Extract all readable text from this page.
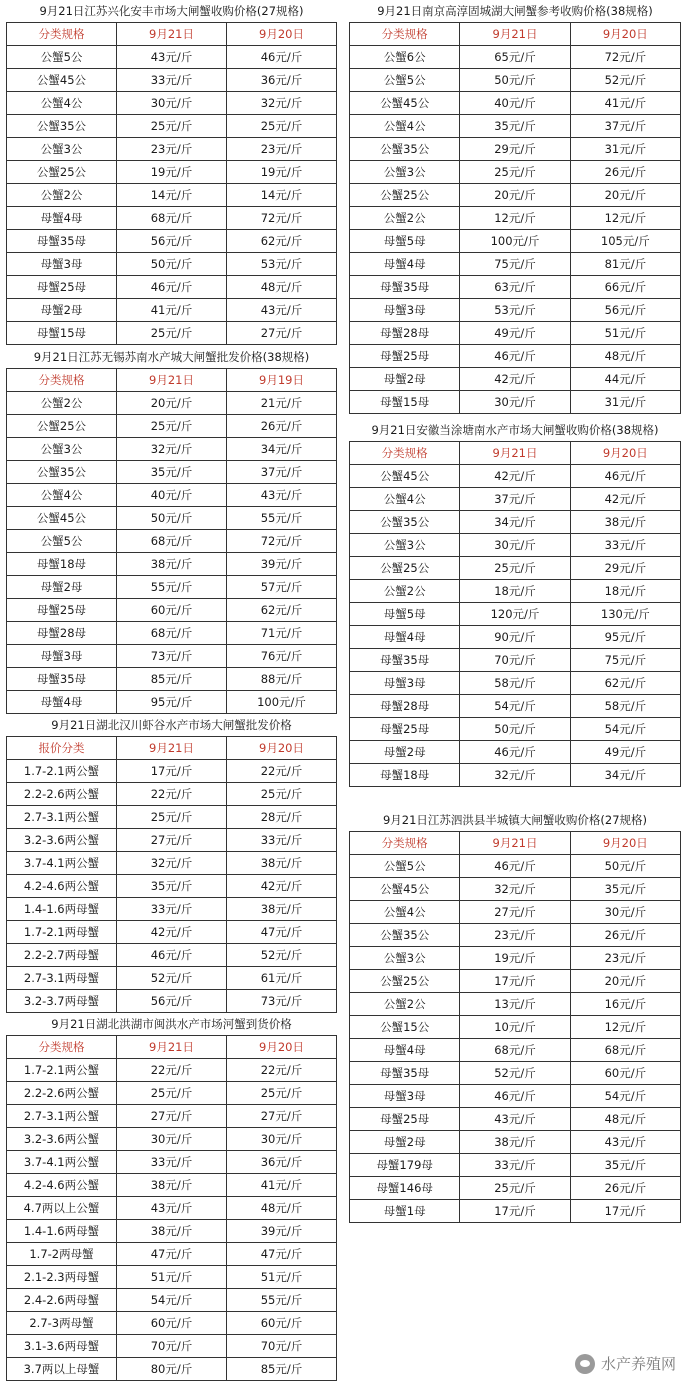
9月21日江苏兴化安丰市场大闸蟹收购价格(27规格)
分类规格	9月21日	9月20日
公蟹5公	43元/斤	46元/斤
公蟹45公	33元/斤	36元/斤
公蟹4公	30元/斤	32元/斤
公蟹35公	25元/斤	25元/斤
公蟹3公	23元/斤	23元/斤
公蟹25公	19元/斤	19元/斤
公蟹2公	14元/斤	14元/斤
母蟹4母	68元/斤	72元/斤
母蟹35母	56元/斤	62元/斤
母蟹3母	50元/斤	53元/斤
母蟹25母	46元/斤	48元/斤
母蟹2母	41元/斤	43元/斤
母蟹15母	25元/斤	27元/斤
9月21日江苏无锡苏南水产城大闸蟹批发价格(38规格)
分类规格	9月21日	9月19日
公蟹2公	20元/斤	21元/斤
公蟹25公	25元/斤	26元/斤
公蟹3公	32元/斤	34元/斤
公蟹35公	35元/斤	37元/斤
公蟹4公	40元/斤	43元/斤
公蟹45公	50元/斤	55元/斤
公蟹5公	68元/斤	72元/斤
母蟹18母	38元/斤	39元/斤
母蟹2母	55元/斤	57元/斤
母蟹25母	60元/斤	62元/斤
母蟹28母	68元/斤	71元/斤
母蟹3母	73元/斤	76元/斤
母蟹35母	85元/斤	88元/斤
母蟹4母	95元/斤	100元/斤
9月21日湖北汉川虾谷水产市场大闸蟹批发价格
报价分类	9月21日	9月20日
1.7-2.1两公蟹	17元/斤	22元/斤
2.2-2.6两公蟹	22元/斤	25元/斤
2.7-3.1两公蟹	25元/斤	28元/斤
3.2-3.6两公蟹	27元/斤	33元/斤
3.7-4.1两公蟹	32元/斤	38元/斤
4.2-4.6两公蟹	35元/斤	42元/斤
1.4-1.6两母蟹	33元/斤	38元/斤
1.7-2.1两母蟹	42元/斤	47元/斤
2.2-2.7两母蟹	46元/斤	52元/斤
2.7-3.1两母蟹	52元/斤	61元/斤
3.2-3.7两母蟹	56元/斤	73元/斤
9月21日湖北洪湖市闽洪水产市场河蟹到货价格
分类规格	9月21日	9月20日
1.7-2.1两公蟹	22元/斤	22元/斤
2.2-2.6两公蟹	25元/斤	25元/斤
2.7-3.1两公蟹	27元/斤	27元/斤
3.2-3.6两公蟹	30元/斤	30元/斤
3.7-4.1两公蟹	33元/斤	36元/斤
4.2-4.6两公蟹	38元/斤	41元/斤
4.7两以上公蟹	43元/斤	48元/斤
1.4-1.6两母蟹	38元/斤	39元/斤
1.7-2两母蟹	47元/斤	47元/斤
2.1-2.3两母蟹	51元/斤	51元/斤
2.4-2.6两母蟹	54元/斤	55元/斤
2.7-3两母蟹	60元/斤	60元/斤
3.1-3.6两母蟹	70元/斤	70元/斤
3.7两以上母蟹	80元/斤	85元/斤
9月21日南京高淳固城湖大闸蟹参考收购价格(38规格)
分类规格	9月21日	9月20日
公蟹6公	65元/斤	72元/斤
公蟹5公	50元/斤	52元/斤
公蟹45公	40元/斤	41元/斤
公蟹4公	35元/斤	37元/斤
公蟹35公	29元/斤	31元/斤
公蟹3公	25元/斤	26元/斤
公蟹25公	20元/斤	20元/斤
公蟹2公	12元/斤	12元/斤
母蟹5母	100元/斤	105元/斤
母蟹4母	75元/斤	81元/斤
母蟹35母	63元/斤	66元/斤
母蟹3母	53元/斤	56元/斤
母蟹28母	49元/斤	51元/斤
母蟹25母	46元/斤	48元/斤
母蟹2母	42元/斤	44元/斤
母蟹15母	30元/斤	31元/斤
9月21日安徽当涂塘南水产市场大闸蟹收购价格(38规格)
分类规格	9月21日	9月20日
公蟹45公	42元/斤	46元/斤
公蟹4公	37元/斤	42元/斤
公蟹35公	34元/斤	38元/斤
公蟹3公	30元/斤	33元/斤
公蟹25公	25元/斤	29元/斤
公蟹2公	18元/斤	18元/斤
母蟹5母	120元/斤	130元/斤
母蟹4母	90元/斤	95元/斤
母蟹35母	70元/斤	75元/斤
母蟹3母	58元/斤	62元/斤
母蟹28母	54元/斤	58元/斤
母蟹25母	50元/斤	54元/斤
母蟹2母	46元/斤	49元/斤
母蟹18母	32元/斤	34元/斤
9月21日江苏泗洪县半城镇大闸蟹收购价格(27规格)
分类规格	9月21日	9月20日
公蟹5公	46元/斤	50元/斤
公蟹45公	32元/斤	35元/斤
公蟹4公	27元/斤	30元/斤
公蟹35公	23元/斤	26元/斤
公蟹3公	19元/斤	23元/斤
公蟹25公	17元/斤	20元/斤
公蟹2公	13元/斤	16元/斤
公蟹15公	10元/斤	12元/斤
母蟹4母	68元/斤	68元/斤
母蟹35母	52元/斤	60元/斤
母蟹3母	46元/斤	54元/斤
母蟹25母	43元/斤	48元/斤
母蟹2母	38元/斤	43元/斤
母蟹179母	33元/斤	35元/斤
母蟹146母	25元/斤	26元/斤
母蟹1母	17元/斤	17元/斤
水产养殖网
